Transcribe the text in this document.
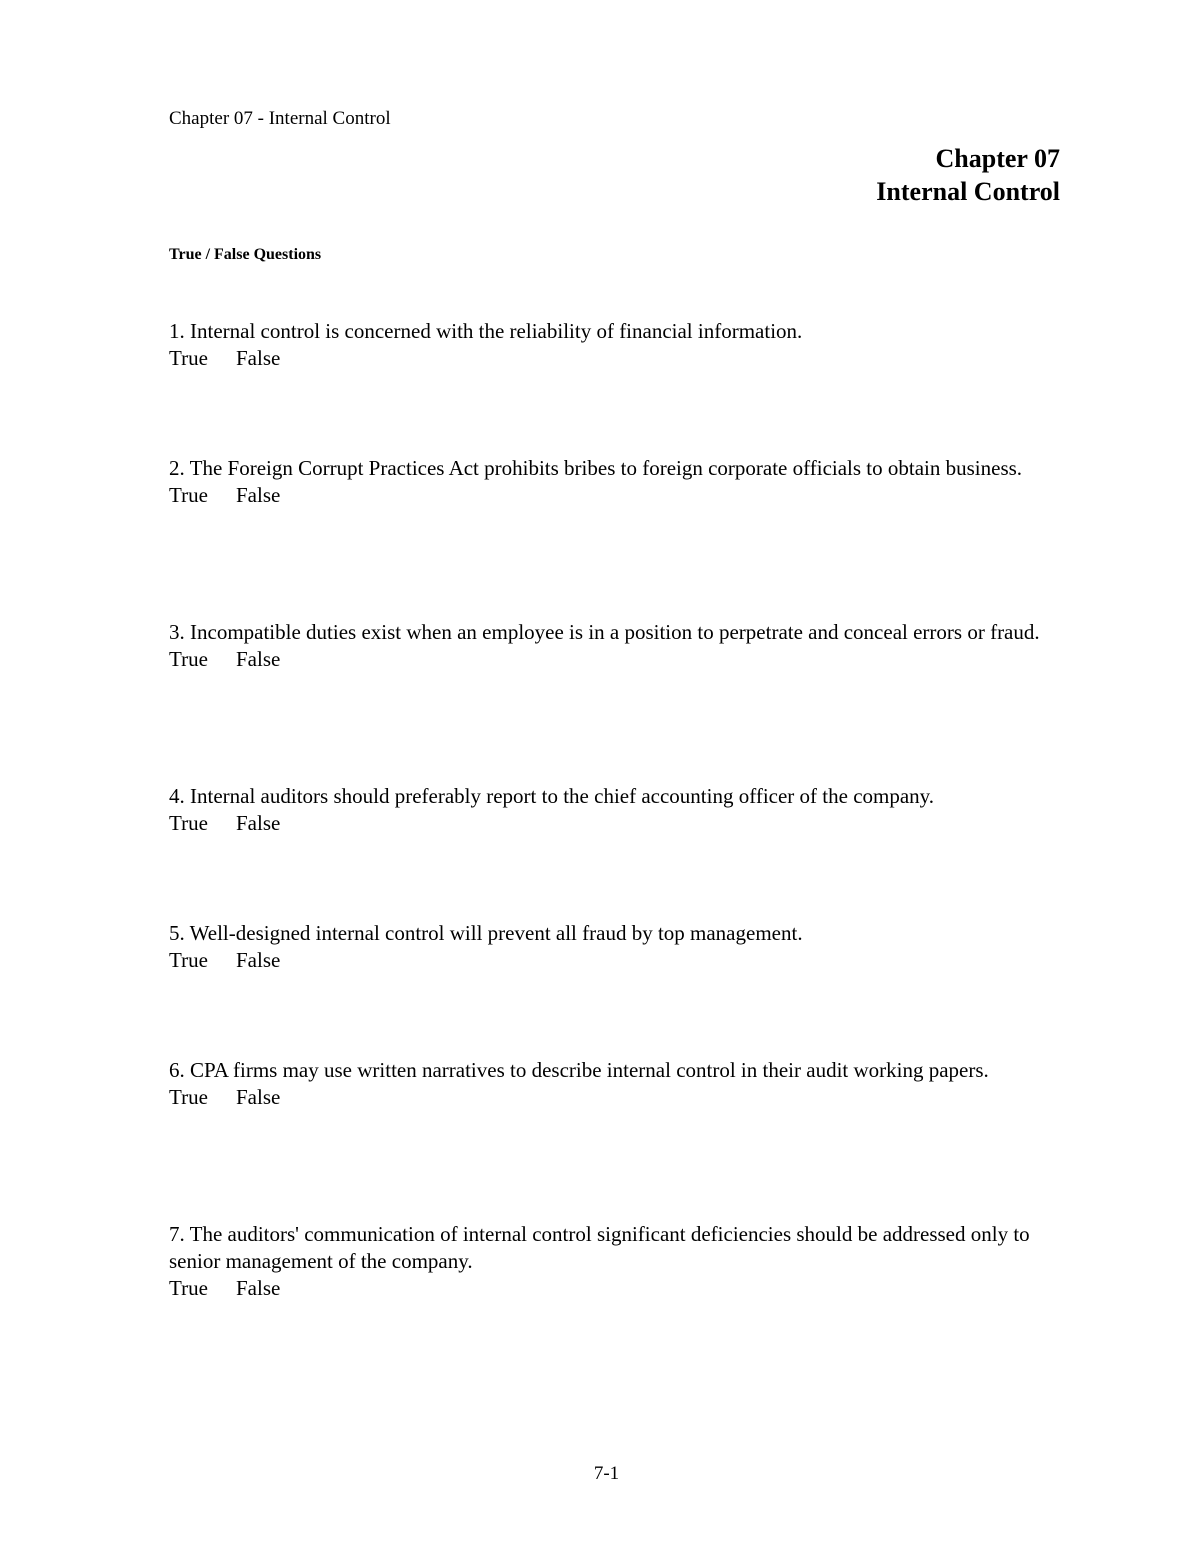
Chapter 07 - Internal Control
Chapter 07
Internal Control
True / False Questions

1. Internal control is concerned with the reliability of financial information.

True False

2. The Foreign Corrupt Practices Act prohibits bribes to foreign corporate officials to obtain business.

True False

3. Incompatible duties exist when an employee is in a position to perpetrate and conceal errors or fraud.

True False

4. Internal auditors should preferably report to the chief accounting officer of the company.

True False

5. Well-designed internal control will prevent all fraud by top management.

True False

6. CPA firms may use written narratives to describe internal control in their audit working papers.

True False

7. The auditors' communication of internal control significant deficiencies should be addressed only to senior management of the company.

True False

7-1
